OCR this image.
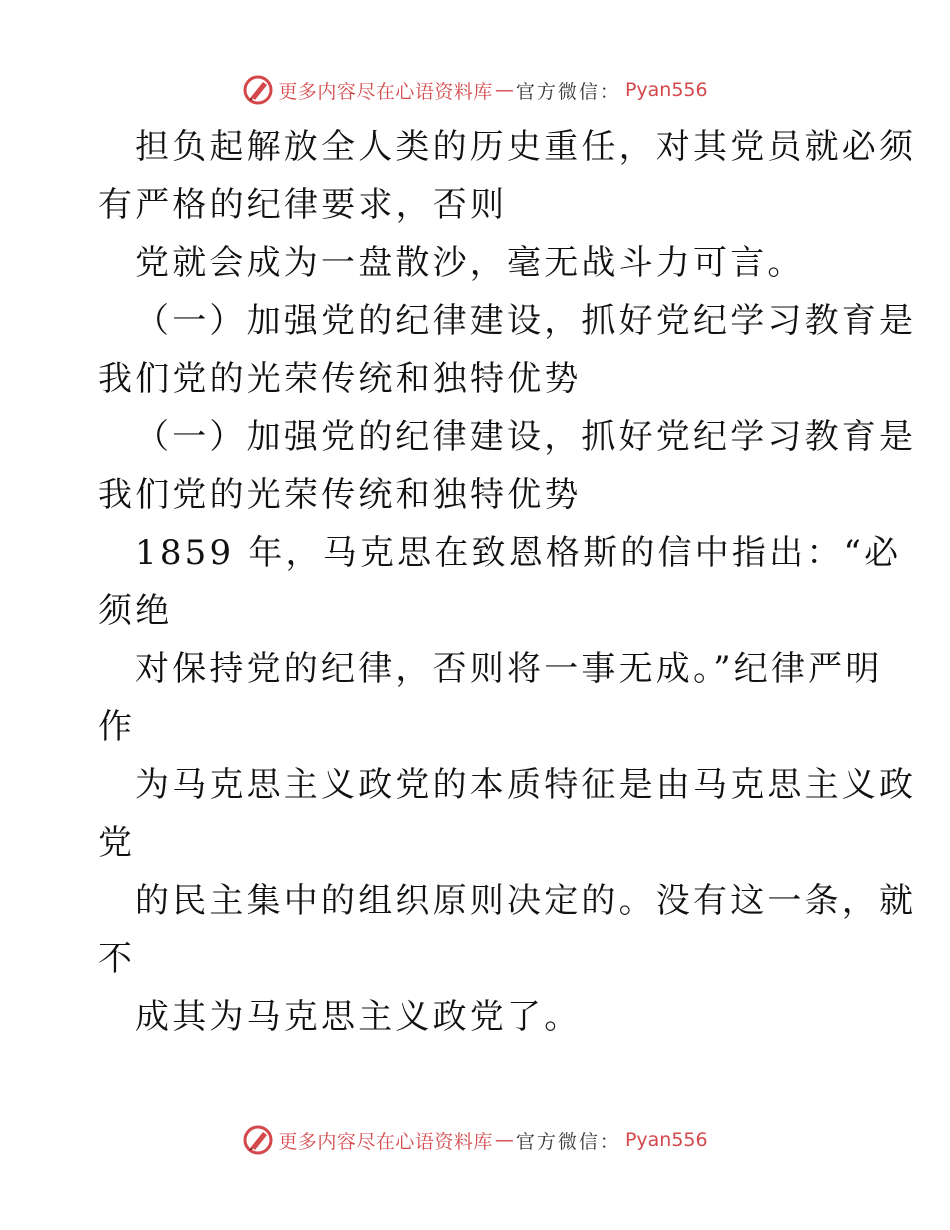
更多内容尽在心语资料库 — 官方微信： Pyan556
担负起解放全人类的历史重任，对其党员就必须
有严格的纪律要求，否则
党就会成为一盘散沙，毫无战斗力可言。
（一）加强党的纪律建设，抓好党纪学习教育是
我们党的光荣传统和独特优势
（一）加强党的纪律建设，抓好党纪学习教育是
我们党的光荣传统和独特优势
1859 年，马克思在致恩格斯的信中指出：“必
须绝
对保持党的纪律，否则将一事无成。”纪律严明
作
为马克思主义政党的本质特征是由马克思主义政
党
的民主集中的组织原则决定的。没有这一条，就
不
成其为马克思主义政党了。
更多内容尽在心语资料库 — 官方微信： Pyan556
